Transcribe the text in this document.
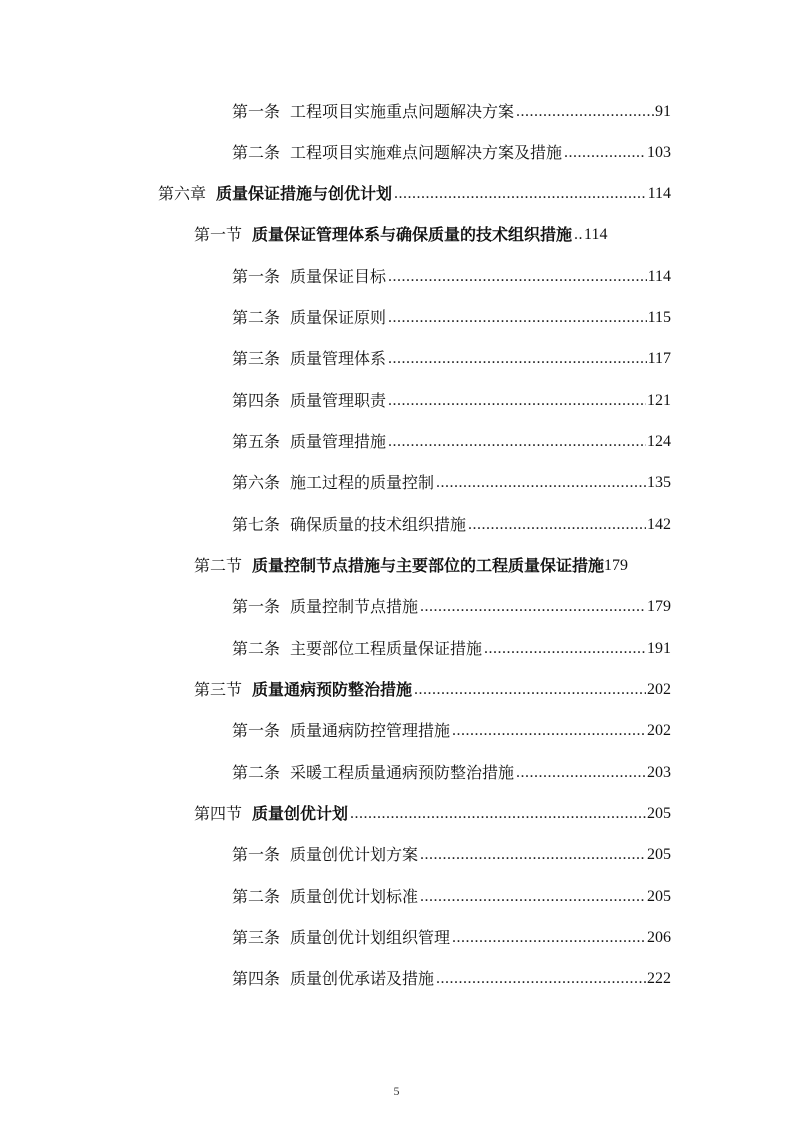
第一条 工程项目实施重点问题解决方案 .....	91
第二条 工程项目实施难点问题解决方案及措施 .....	103
第六章 质量保证措施与创优计划 .....	114
第一节 质量保证管理体系与确保质量的技术组织措施 ..... 114
第一条 质量保证目标 .....	114
第二条 质量保证原则 .....	115
第三条 质量管理体系 .....	117
第四条 质量管理职责 .....	121
第五条 质量管理措施 .....	124
第六条 施工过程的质量控制 .....	135
第七条 确保质量的技术组织措施 .....	142
第二节 质量控制节点措施与主要部位的工程质量保证措施 179
第一条 质量控制节点措施 .....	179
第二条 主要部位工程质量保证措施 .....	191
第三节 质量通病预防整治措施 .....	202
第一条 质量通病防控管理措施 .....	202
第二条 采暖工程质量通病预防整治措施 .....	203
第四节 质量创优计划 .....	205
第一条 质量创优计划方案 .....	205
第二条 质量创优计划标准 .....	205
第三条 质量创优计划组织管理 .....	206
第四条 质量创优承诺及措施 .....	222
5
